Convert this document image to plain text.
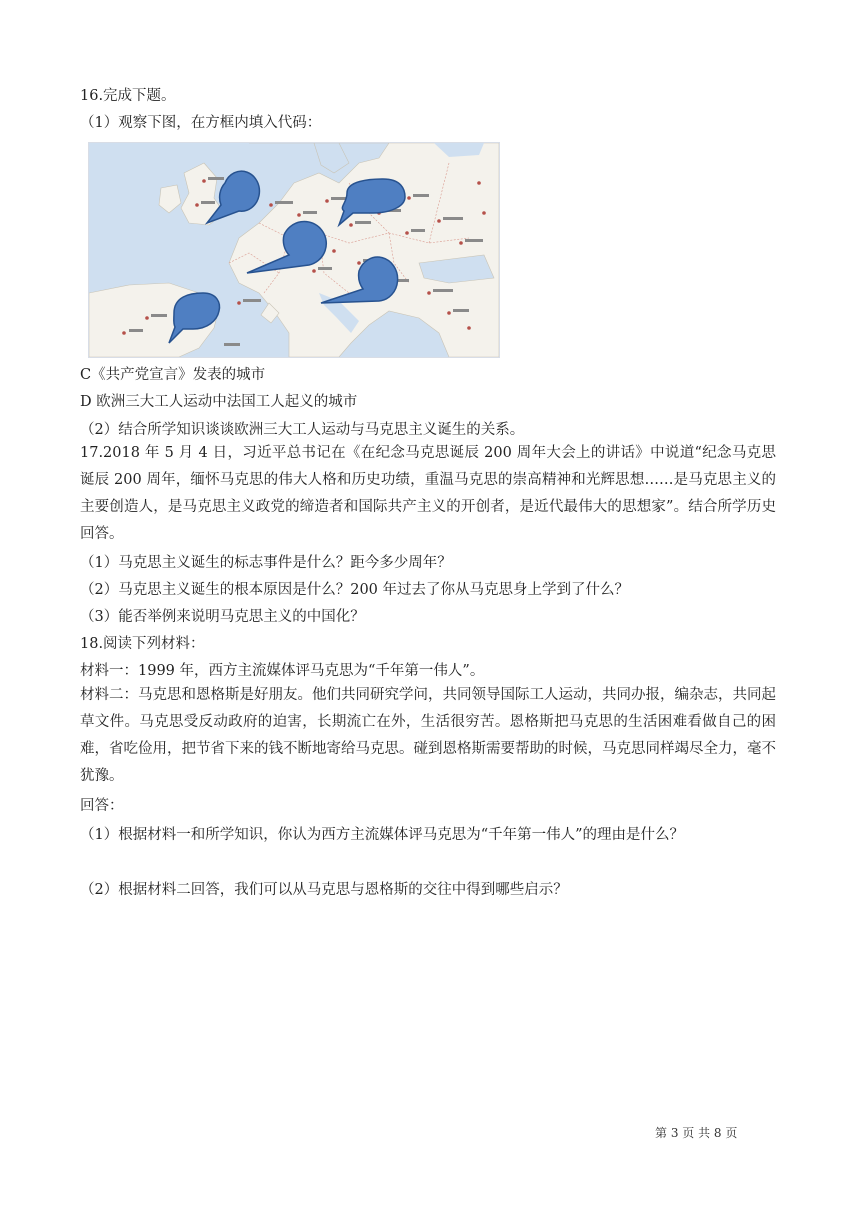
16.完成下题。
（1）观察下图，在方框内填入代码：
C《共产党宣言》发表的城市
D 欧洲三大工人运动中法国工人起义的城市
（2）结合所学知识谈谈欧洲三大工人运动与马克思主义诞生的关系。
17.2018 年 5 月 4 日，习近平总书记在《在纪念马克思诞辰 200 周年大会上的讲话》中说道“纪念马克思诞辰 200 周年，缅怀马克思的伟大人格和历史功绩，重温马克思的崇高精神和光辉思想……是马克思主义的主要创造人，是马克思主义政党的缔造者和国际共产主义的开创者，是近代最伟大的思想家”。结合所学历史回答。
（1）马克思主义诞生的标志事件是什么？距今多少周年？
（2）马克思主义诞生的根本原因是什么？200 年过去了你从马克思身上学到了什么？
（3）能否举例来说明马克思主义的中国化？
18.阅读下列材料：
材料一：1999 年，西方主流媒体评马克思为“千年第一伟人”。
材料二：马克思和恩格斯是好朋友。他们共同研究学问，共同领导国际工人运动，共同办报，编杂志，共同起草文件。马克思受反动政府的迫害，长期流亡在外，生活很穷苦。恩格斯把马克思的生活困难看做自己的困难，省吃俭用，把节省下来的钱不断地寄给马克思。碰到恩格斯需要帮助的时候，马克思同样竭尽全力，毫不犹豫。
回答：
（1）根据材料一和所学知识，你认为西方主流媒体评马克思为“千年第一伟人”的理由是什么？
（2）根据材料二回答，我们可以从马克思与恩格斯的交往中得到哪些启示？
第 3 页 共 8 页
